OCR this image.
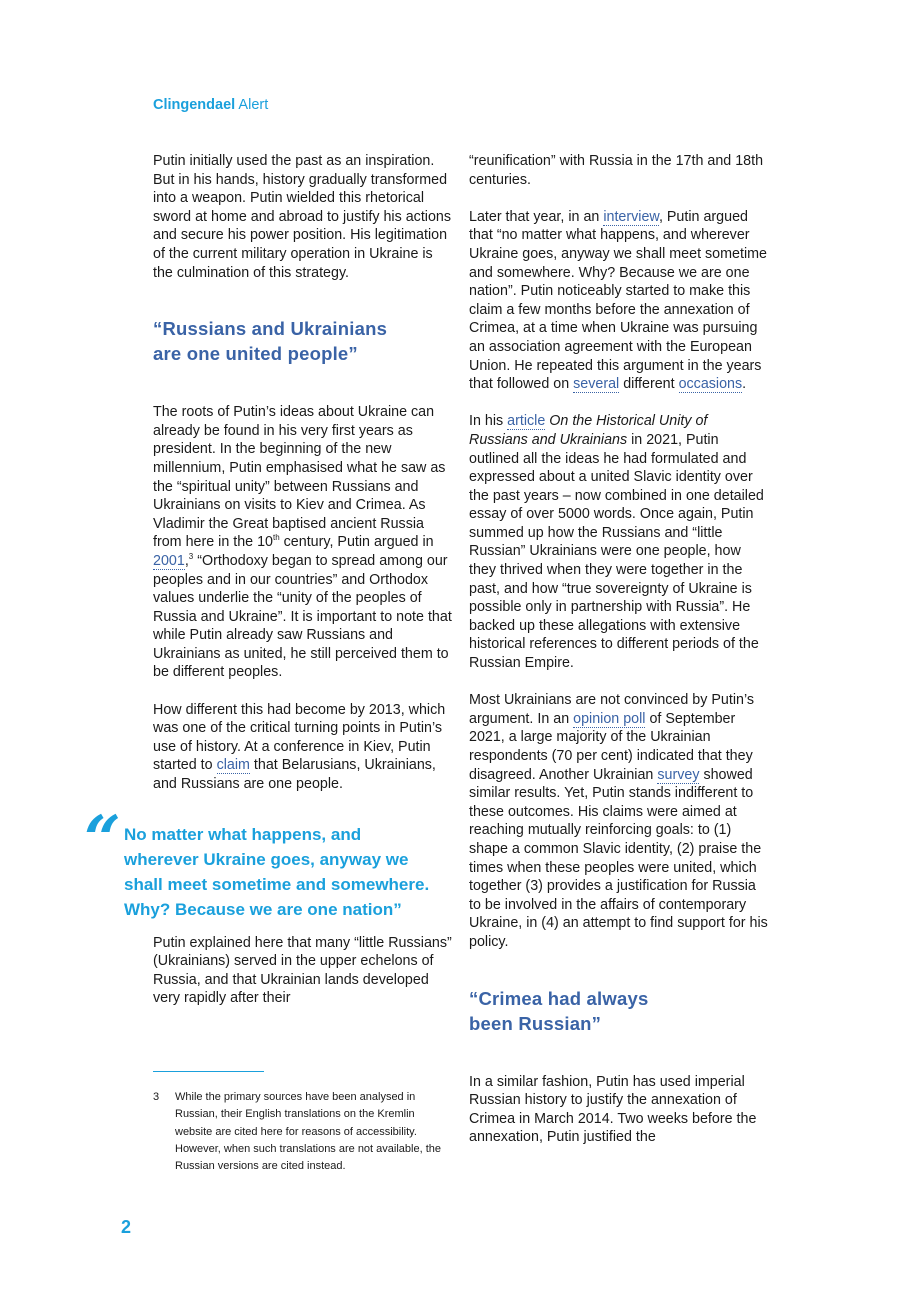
Clingendael Alert

Putin initially used the past as an inspiration. But in his hands, history gradually transformed into a weapon. Putin wielded this rhetorical sword at home and abroad to justify his actions and secure his power position. His legitimation of the current military operation in Ukraine is the culmination of this strategy.

“Russians and Ukrainians
are one united people”

The roots of Putin’s ideas about Ukraine can already be found in his very first years as president. In the beginning of the new millennium, Putin emphasised what he saw as the “spiritual unity” between Russians and Ukrainians on visits to Kiev and Crimea. As Vladimir the Great baptised ancient Russia from here in the 10th century, Putin argued in 2001,$^3$ “Orthodoxy began to spread among our peoples and in our countries” and Orthodox values underlie the “unity of the peoples of Russia and Ukraine”. It is important to note that while Putin already saw Russians and Ukrainians as united, he still perceived them to be different peoples.

How different this had become by 2013, which was one of the critical turning points in Putin’s use of history. At a conference in Kiev, Putin started to claim that Belarusians, Ukrainians, and Russians are one people.

Putin explained here that many “little Russians” (Ukrainians) served in the upper echelons of Russia, and that Ukrainian lands developed very rapidly after their

“ No matter what happens, and
wherever Ukraine goes, anyway we
shall meet sometime and somewhere.
Why? Because we are one nation”
3 While the primary sources have been analysed in Russian, their English translations on the Kremlin website are cited here for reasons of accessibility. However, when such translations are not available, the Russian versions are cited instead.

“reunification” with Russia in the 17th and 18th centuries.

Later that year, in an interview, Putin argued that “no matter what happens, and wherever Ukraine goes, anyway we shall meet sometime and somewhere. Why? Because we are one nation”. Putin noticeably started to make this claim a few months before the annexation of Crimea, at a time when Ukraine was pursuing an association agreement with the European Union. He repeated this argument in the years that followed on several different occasions.

In his article On the Historical Unity of Russians and Ukrainians in 2021, Putin outlined all the ideas he had formulated and expressed about a united Slavic identity over the past years – now combined in one detailed essay of over 5000 words. Once again, Putin summed up how the Russians and “little Russian” Ukrainians were one people, how they thrived when they were together in the past, and how “true sovereignty of Ukraine is possible only in partnership with Russia”. He backed up these allegations with extensive historical references to different periods of the Russian Empire.

Most Ukrainians are not convinced by Putin’s argument. In an opinion poll of September 2021, a large majority of the Ukrainian respondents (70 per cent) indicated that they disagreed. Another Ukrainian survey showed similar results. Yet, Putin stands indifferent to these outcomes. His claims were aimed at reaching mutually reinforcing goals: to (1) shape a common Slavic identity, (2) praise the times when these peoples were united, which together (3) provides a justification for Russia to be involved in the affairs of contemporary Ukraine, in (4) an attempt to find support for his policy.

“Crimea had always
been Russian”

In a similar fashion, Putin has used imperial Russian history to justify the annexation of Crimea in March 2014. Two weeks before the annexation, Putin justified the

2
